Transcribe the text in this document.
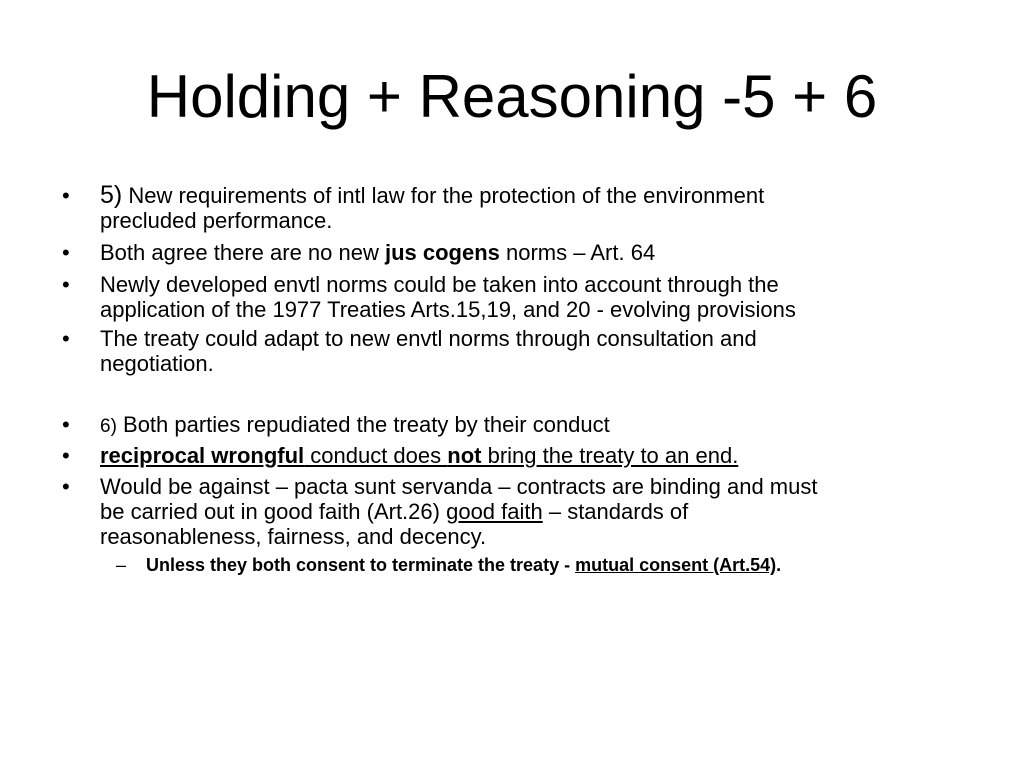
Holding + Reasoning -5 + 6
• 5) New requirements of intl law for the protection of the environment
precluded performance.
• Both agree there are no new jus cogens norms – Art. 64
• Newly developed envtl norms could be taken into account through the
application of the 1977 Treaties Arts.15,19, and 20 - evolving provisions
• The treaty could adapt to new envtl norms through consultation and
negotiation.
• 6) Both parties repudiated the treaty by their conduct
• reciprocal wrongful conduct does not bring the treaty to an end.
• Would be against – pacta sunt servanda – contracts are binding and must
be carried out in good faith (Art.26) good faith – standards of
reasonableness, fairness, and decency.
– Unless they both consent to terminate the treaty - mutual consent (Art.54).
